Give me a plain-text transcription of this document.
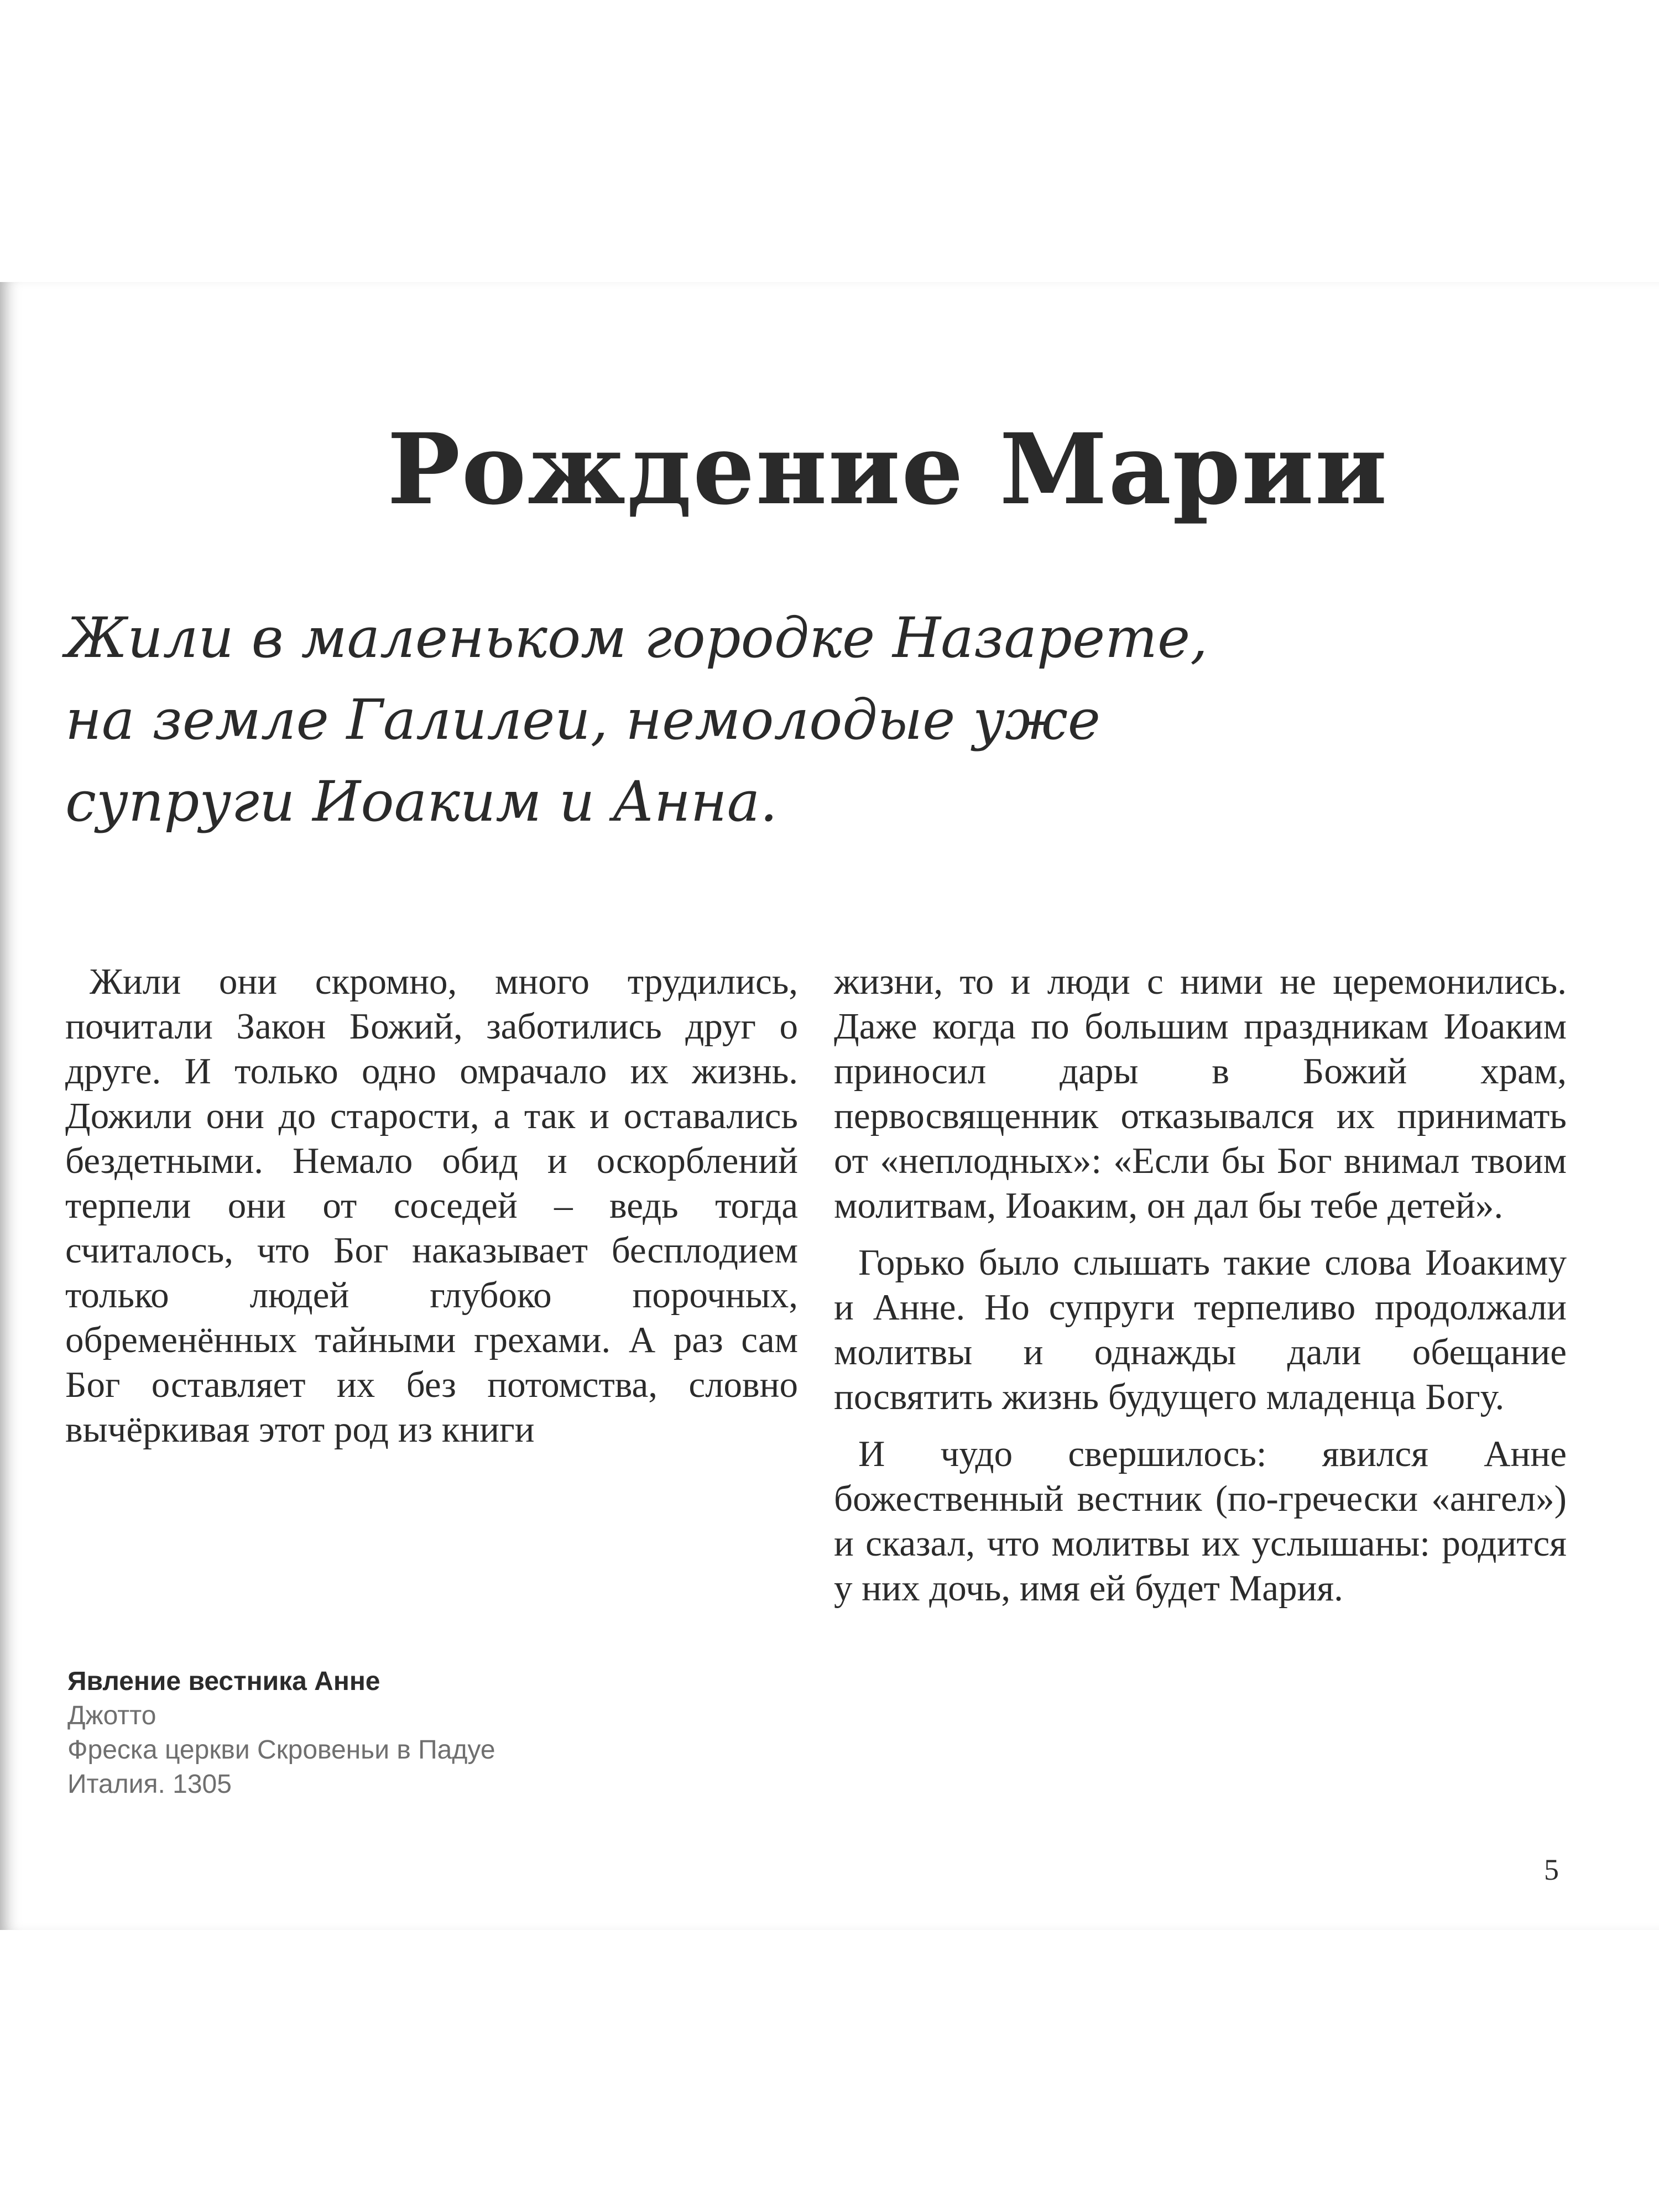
Рождение Марии
Жили в маленьком городке Назарете,
на земле Галилеи, немолодые уже
супруги Иоаким и Анна.

Жили они скромно, много трудились, почитали Закон Божий, заботились друг о друге. И только одно омрачало их жизнь. Дожили они до старости, а так и оставались бездетными. Немало обид и оскорблений терпели они от соседей – ведь тогда считалось, что Бог наказывает бесплодием только людей глубоко порочных, обременённых тайными грехами. А раз сам Бог оставляет их без потомства, словно вычёркивая этот род из книги

жизни, то и люди с ними не церемонились. Даже когда по большим праздникам Иоаким приносил дары в Божий храм, первосвященник отказывался их принимать от «неплодных»: «Если бы Бог внимал твоим молитвам, Иоаким, он дал бы тебе детей».

Горько было слышать такие слова Иоакиму и Анне. Но супруги терпеливо продолжали молитвы и однажды дали обещание посвятить жизнь будущего младенца Богу.

И чудо свершилось: явился Анне божественный вестник (по-гречески «ангел») и сказал, что молитвы их услышаны: родится у них дочь, имя ей будет Мария.

Явление вестника Анне
Джотто
Фреска церкви Скровеньи в Падуе
Италия. 1305
5
